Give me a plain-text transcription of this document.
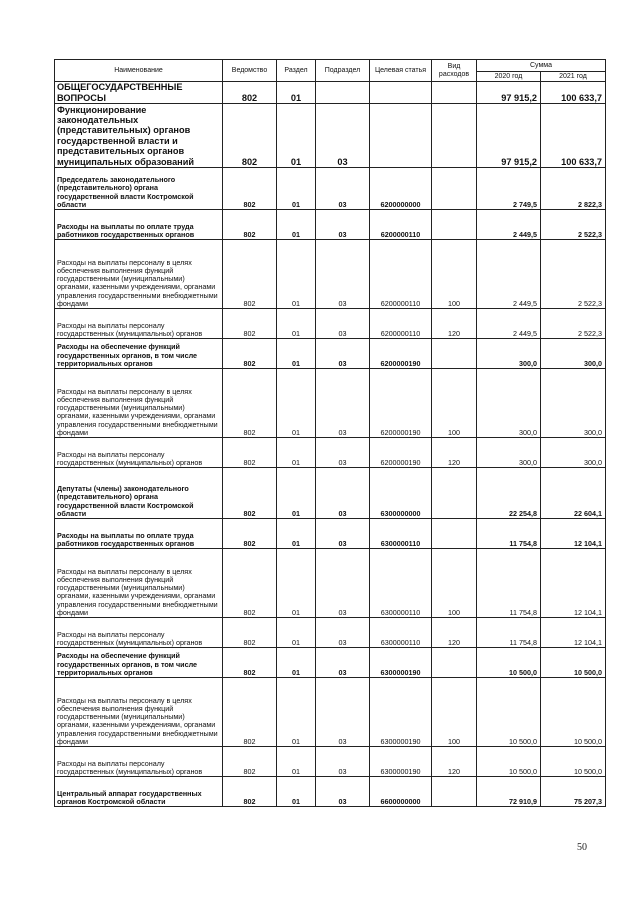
Наименование	Ведомство	Раздел	Подраздел	Целевая статья	Вид расходов	Сумма	
						2020 год	2021 год
ОБЩЕГОСУДАРСТВЕННЫЕ ВОПРОСЫ	802	01				97 915,2	100 633,7
Функционирование законодательных (представительных) органов государственной власти и представительных органов муниципальных образований	802	01	03			97 915,2	100 633,7
Председатель законодательного (представительного) органа государственной власти Костромской области	802	01	03	6200000000		2 749,5	2 822,3
Расходы на выплаты по оплате труда работников государственных органов	802	01	03	6200000110		2 449,5	2 522,3
Расходы на выплаты персоналу в целях обеспечения выполнения функций государственными (муниципальными) органами, казенными учреждениями, органами управления государственными внебюджетными фондами	802	01	03	6200000110	100	2 449,5	2 522,3
Расходы на выплаты персоналу государственных (муниципальных) органов	802	01	03	6200000110	120	2 449,5	2 522,3
Расходы на обеспечение функций государственных органов, в том числе территориальных органов	802	01	03	6200000190		300,0	300,0
Расходы на выплаты персоналу в целях обеспечения выполнения функций государственными (муниципальными) органами, казенными учреждениями, органами управления государственными внебюджетными фондами	802	01	03	6200000190	100	300,0	300,0
Расходы на выплаты персоналу государственных (муниципальных) органов	802	01	03	6200000190	120	300,0	300,0
Депутаты (члены) законодательного (представительного) органа государственной власти Костромской области	802	01	03	6300000000		22 254,8	22 604,1
Расходы на выплаты по оплате труда работников государственных органов	802	01	03	6300000110		11 754,8	12 104,1
Расходы на выплаты персоналу в целях обеспечения выполнения функций государственными (муниципальными) органами, казенными учреждениями, органами управления государственными внебюджетными фондами	802	01	03	6300000110	100	11 754,8	12 104,1
Расходы на выплаты персоналу государственных (муниципальных) органов	802	01	03	6300000110	120	11 754,8	12 104,1
Расходы на обеспечение функций государственных органов, в том числе территориальных органов	802	01	03	6300000190		10 500,0	10 500,0
Расходы на выплаты персоналу в целях обеспечения выполнения функций государственными (муниципальными) органами, казенными учреждениями, органами управления государственными внебюджетными фондами	802	01	03	6300000190	100	10 500,0	10 500,0
Расходы на выплаты персоналу государственных (муниципальных) органов	802	01	03	6300000190	120	10 500,0	10 500,0
Центральный аппарат государственных органов Костромской области	802	01	03	6600000000		72 910,9	75 207,3
50
